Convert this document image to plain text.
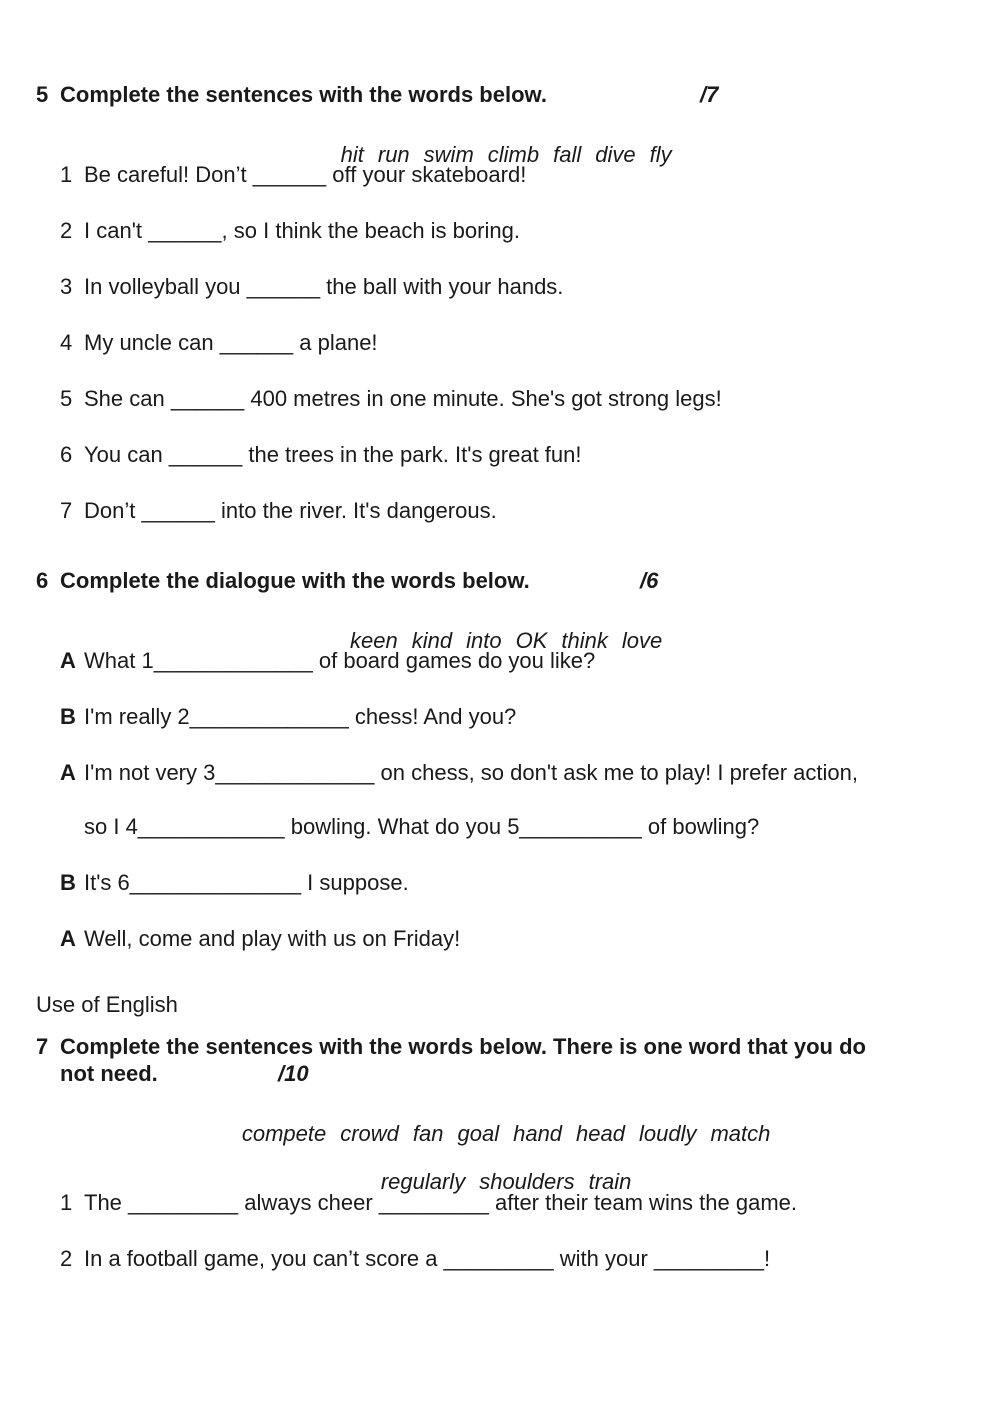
5 Complete the sentences with the words below.	/7

hit run swim climb fall dive fly

1 Be careful! Don’t ______ off your skateboard!
2 I can't ______, so I think the beach is boring.
3 In volleyball you ______ the ball with your hands.
4 My uncle can ______ a plane!
5 She can ______ 400 metres in one minute. She's got strong legs!
6 You can ______ the trees in the park. It's great fun!
7 Don’t ______ into the river. It's dangerous.
6 Complete the dialogue with the words below.	/6

keen kind into OK think love

A What 1_____________ of board games do you like?
B I'm really 2_____________ chess! And you?
A I'm not very 3_____________ on chess, so don't ask me to play! I prefer action,
so I 4____________ bowling. What do you 5__________ of bowling?
B It's 6______________ I suppose.
A Well, come and play with us on Friday!
Use of English
7 Complete the sentences with the words below. There is one word that you do
not need.	/10

compete crowd fan goal hand head loudly match

regularly shoulders train

1 The _________ always cheer _________ after their team wins the game.
2 In a football game, you can’t score a _________ with your _________!
